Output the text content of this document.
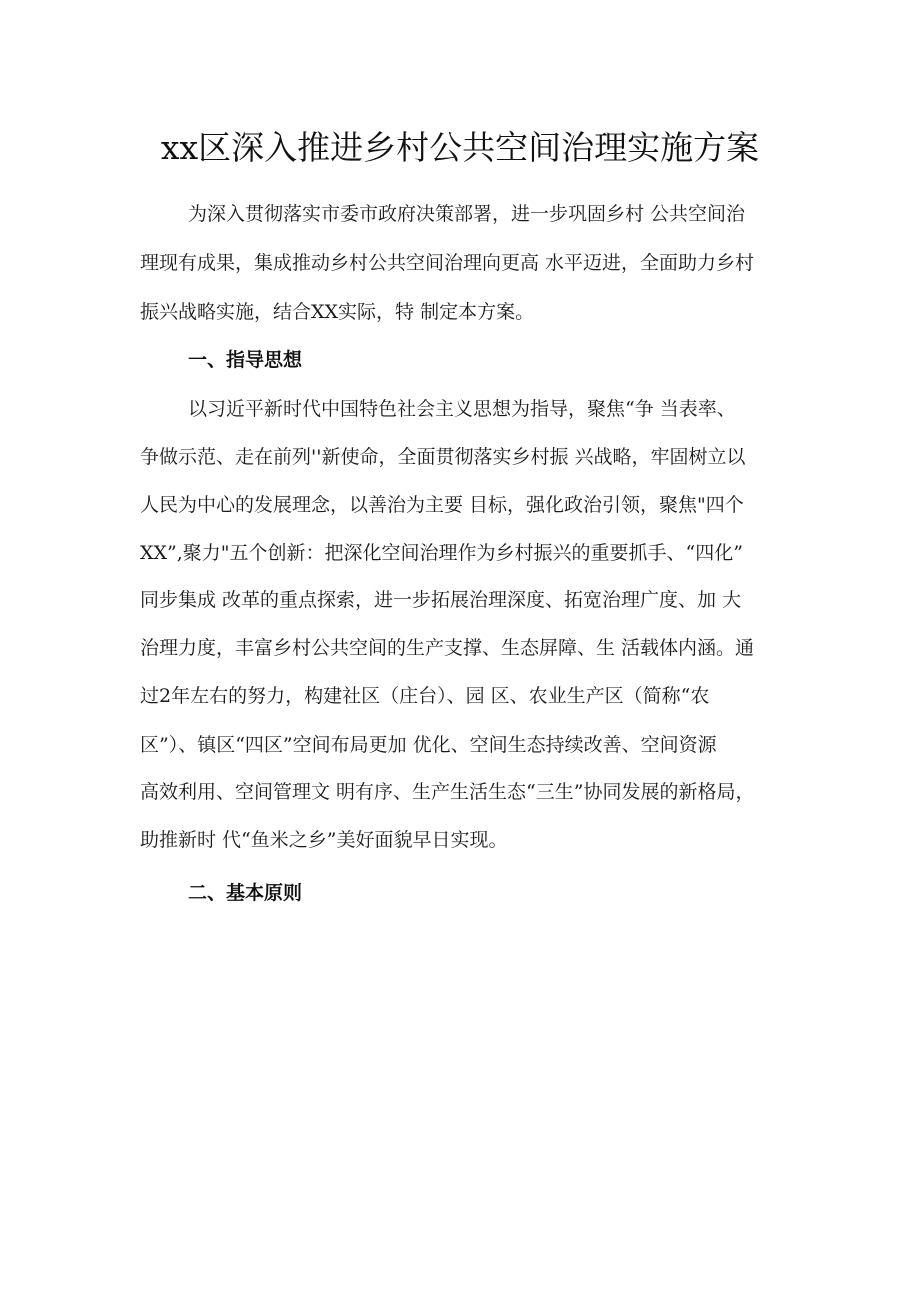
xx区深入推进乡村公共空间治理实施方案
为深入贯彻落实市委市政府决策部署，进一步巩固乡村 公共空间治
理现有成果，集成推动乡村公共空间治理向更高 水平迈进，全面助力乡村
振兴战略实施，结合XX实际，特 制定本方案。
一、指导思想
以习近平新时代中国特色社会主义思想为指导，聚焦“争 当表率、
争做示范、走在前列''新使命，全面贯彻落实乡村振 兴战略，牢固树立以
人民为中心的发展理念，以善治为主要 目标，强化政治引领，聚焦"四个
XX”,聚力"五个创新：把深化空间治理作为乡村振兴的重要抓手、“四化”
同步集成 改革的重点探索，进一步拓展治理深度、拓宽治理广度、加 大
治理力度，丰富乡村公共空间的生产支撑、生态屏障、生 活载体内涵。通
过2年左右的努力，构建社区（庄台）、园 区、农业生产区（简称“农
区”）、镇区“四区”空间布局更加 优化、空间生态持续改善、空间资源
高效利用、空间管理文 明有序、生产生活生态“三生”协同发展的新格局，
助推新时 代“鱼米之乡”美好面貌早日实现。
二、基本原则
